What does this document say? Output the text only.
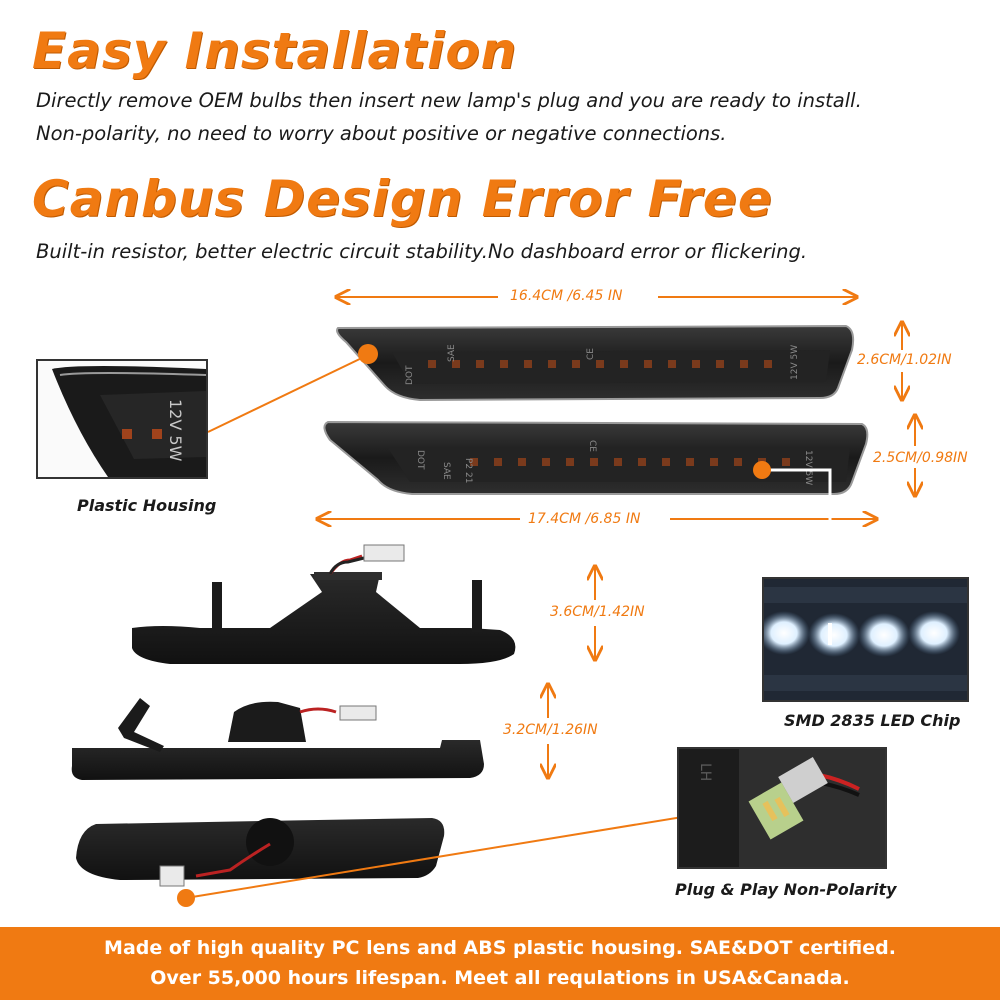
Easy Installation
Directly remove OEM bulbs then insert new lamp's plug and you are ready to install.
Non-polarity, no need to worry about positive or negative connections.
Canbus Design Error Free
Built-in resistor, better electric circuit stability.No dashboard error or flickering.
DOT
SAE	CE	12V 5W
DOT
SAE P2 21
CE
12V 5W
16.4CM /6.45 IN
2.6CM/1.02IN
2.5CM/0.98IN
17.4CM /6.85 IN
3.6CM/1.42IN
3.2CM/1.26IN
12V 5W
Plastic Housing
SMD 2835 LED Chip
LH
Plug & Play Non-Polarity
Made of high quality PC lens and ABS plastic housing. SAE&DOT certified.
Over 55,000 hours lifespan. Meet all requlations in USA&Canada.
